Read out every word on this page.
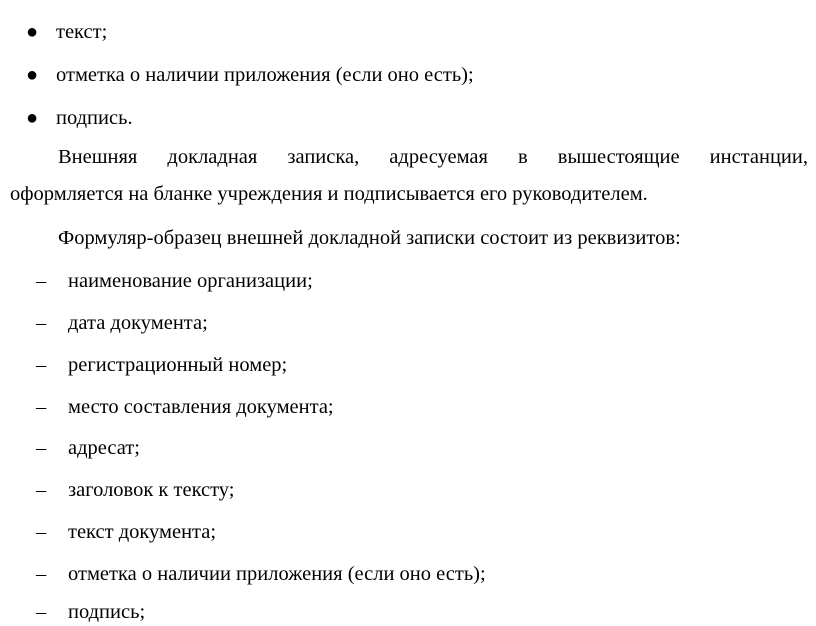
● текст;
● отметка о наличии приложения (если оно есть);
● подпись.
Внешняя докладная записка, адресуемая в вышестоящие инстанции,
оформляется на бланке учреждения и подписывается его руководителем.
Формуляр-образец внешней докладной записки состоит из реквизитов:
– наименование организации;
– дата документа;
– регистрационный номер;
– место составления документа;
– адресат;
– заголовок к тексту;
– текст документа;
– отметка о наличии приложения (если оно есть);
– подпись;
